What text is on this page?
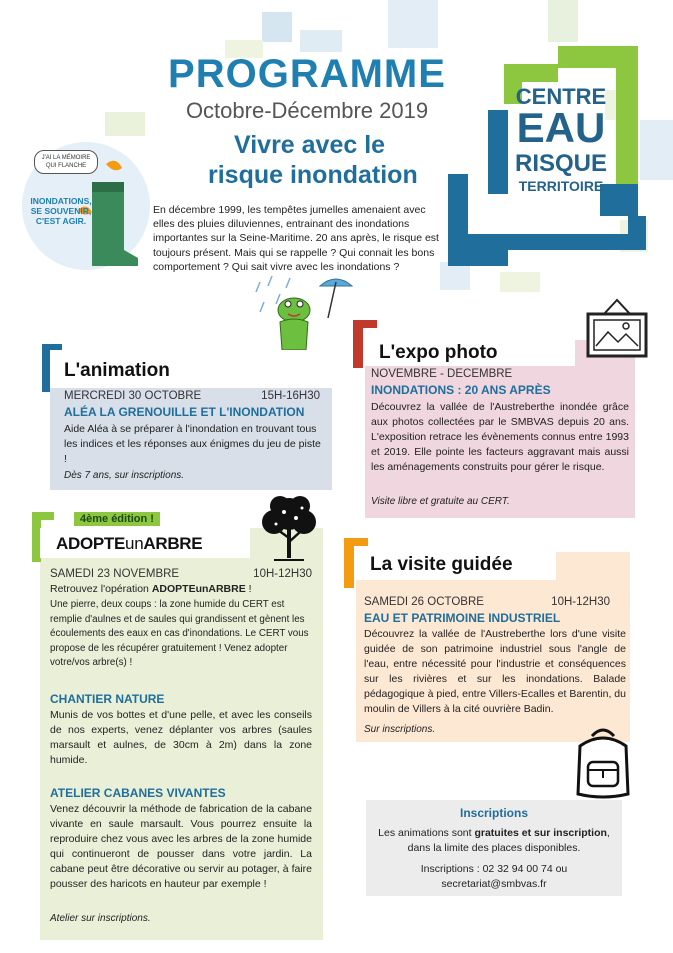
PROGRAMME
Octobre-Décembre 2019
Vivre avec le
risque inondation
En décembre 1999, les tempêtes jumelles amenaient avec elles des pluies diluviennes, entrainant des inondations importantes sur la Seine-Maritime. 20 ans après, le risque est toujours présent. Mais qui se rappelle ? Qui connait les bons comportement ? Qui sait vivre avec les inondations ?
J'AI LA MÉMOIRE QUI FLANCHE
INONDATIONS,
SE SOUVENIR,
C'EST AGIR.
CENTRE
EAU
RISQUE
TERRITOIRE
L'animation
MERCREDI 30 OCTOBRE	15H-16H30
ALÉA LA GRENOUILLE ET L'INONDATION

Aide Aléa à se préparer à l'inondation en trouvant tous les indices et les réponses aux énigmes du jeu de piste !

Dès 7 ans, sur inscriptions.
L'expo photo
NOVEMBRE - DECEMBRE
INONDATIONS : 20 ANS APRÈS

Découvrez la vallée de l'Austreberthe inondée grâce aux photos collectées par le SMBVAS depuis 20 ans. L'exposition retrace les évènements connus entre 1993 et 2019. Elle pointe les facteurs aggravant mais aussi les aménagements construits pour gérer le risque.

Visite libre et gratuite au CERT.
4ème édition !
ADOPTEunARBRE
SAMEDI 23 NOVEMBRE	10H-12H30

Retrouvez l'opération ADOPTEunARBRE !

Une pierre, deux coups : la zone humide du CERT est remplie d'aulnes et de saules qui grandissent et gènent les écoulements des eaux en cas d'inondations. Le CERT vous propose de les récupérer gratuitement ! Venez adopter votre/vos arbre(s) !

CHANTIER NATURE

Munis de vos bottes et d'une pelle, et avec les conseils de nos experts, venez déplanter vos arbres (saules marsault et aulnes, de 30cm à 2m) dans la zone humide.

ATELIER CABANES VIVANTES

Venez découvrir la méthode de fabrication de la cabane vivante en saule marsault. Vous pourrez ensuite la reproduire chez vous avec les arbres de la zone humide qui continueront de pousser dans votre jardin. La cabane peut être décorative ou servir au potager, à faire pousser des haricots en hauteur par exemple !

Atelier sur inscriptions.
La visite guidée
SAMEDI 26 OCTOBRE	10H-12H30
EAU ET PATRIMOINE INDUSTRIEL

Découvrez la vallée de l'Austreberthe lors d'une visite guidée de son patrimoine industriel sous l'angle de l'eau, entre nécessité pour l'industrie et conséquences sur les rivières et sur les inondations. Balade pédagogique à pied, entre Villers-Ecalles et Barentin, du moulin de Villers à la cité ouvrière Badin.

Sur inscriptions.
Inscriptions

Les animations sont gratuites et sur inscription,

dans la limite des places disponibles.

Inscriptions : 02 32 94 00 74 ou

secretariat@smbvas.fr
